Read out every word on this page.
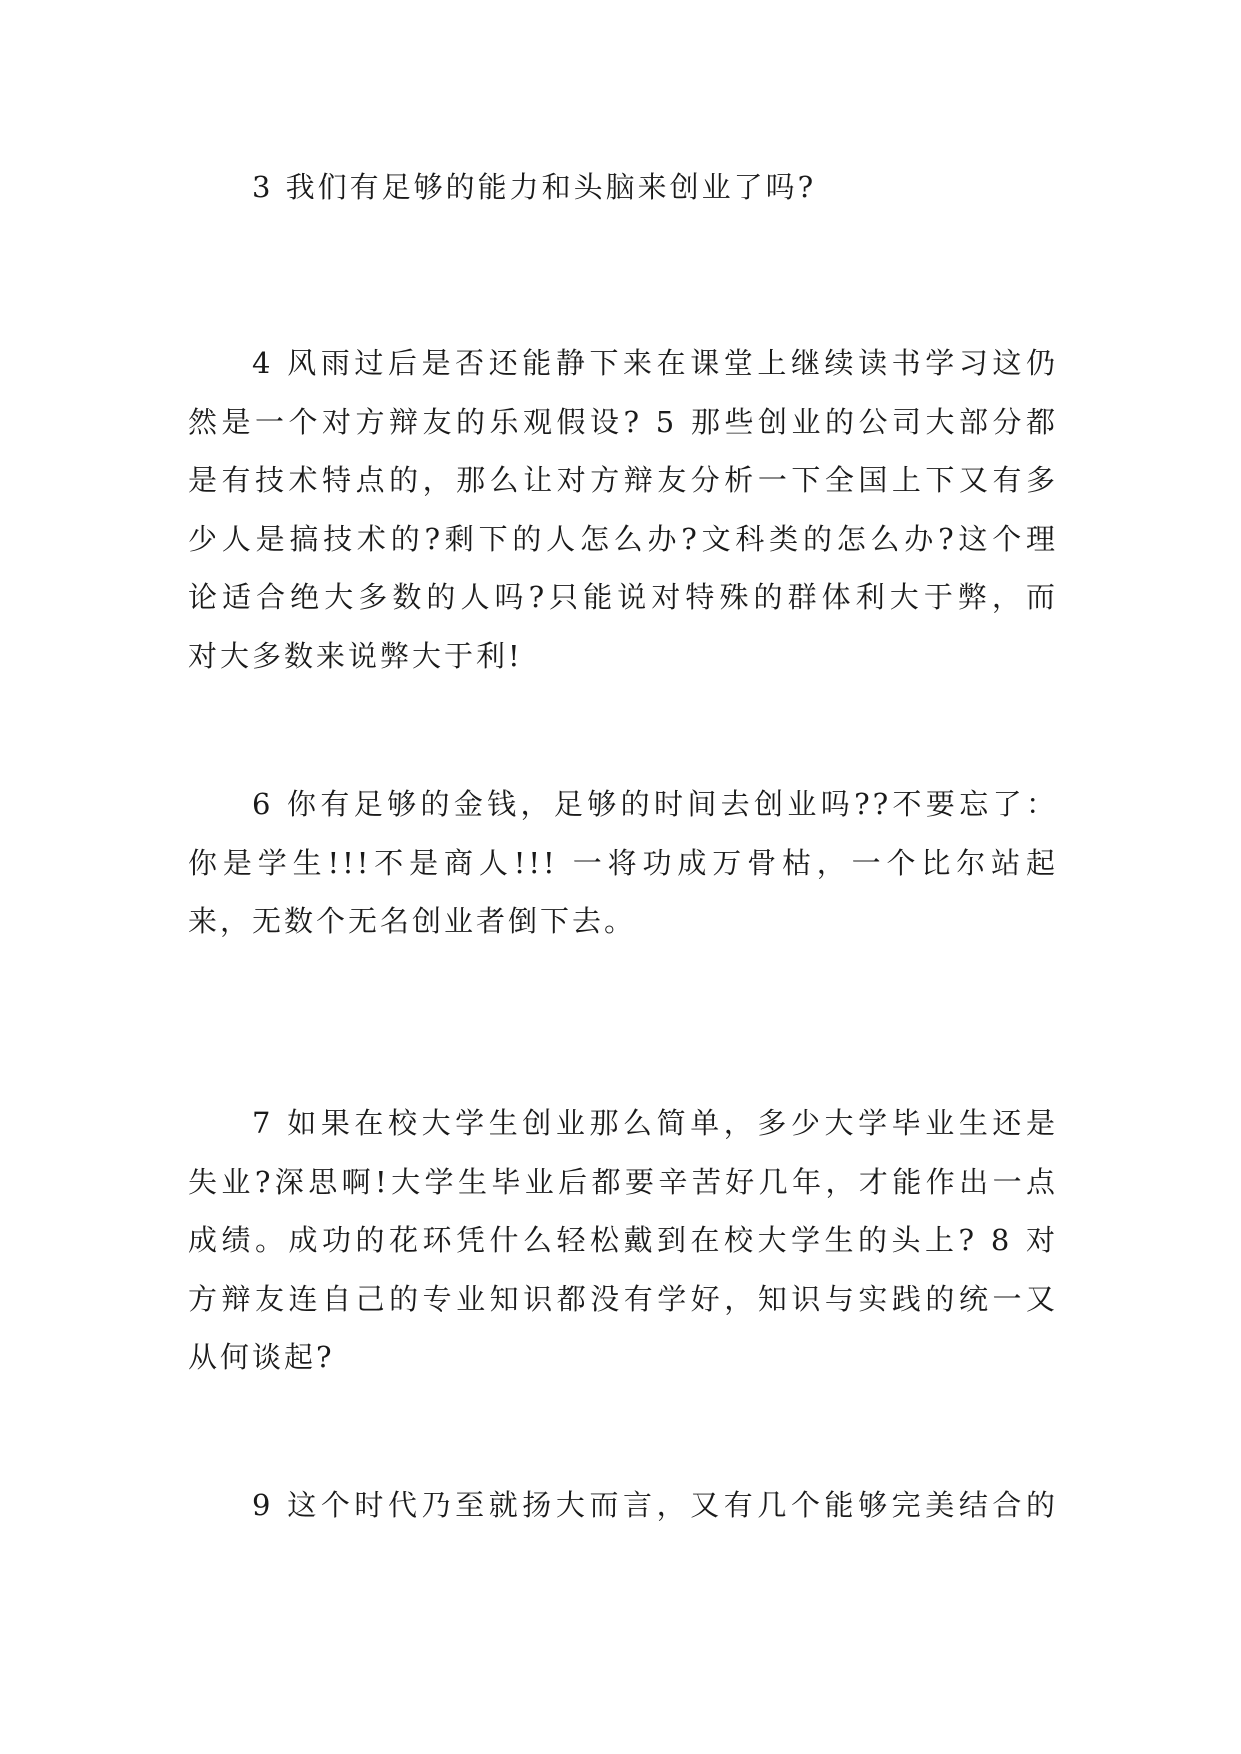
3 我们有足够的能力和头脑来创业了吗?
4 风雨过后是否还能静下来在课堂上继续读书学习这仍
然是一个对方辩友的乐观假设? 5 那些创业的公司大部分都
是有技术特点的，那么让对方辩友分析一下全国上下又有多
少人是搞技术的?剩下的人怎么办?文科类的怎么办?这个理
论适合绝大多数的人吗?只能说对特殊的群体利大于弊，而
对大多数来说弊大于利!
6 你有足够的金钱，足够的时间去创业吗??不要忘了：
你是学生!!!不是商人!!! 一将功成万骨枯，一个比尔站起
来，无数个无名创业者倒下去。
7 如果在校大学生创业那么简单，多少大学毕业生还是
失业?深思啊!大学生毕业后都要辛苦好几年，才能作出一点
成绩。成功的花环凭什么轻松戴到在校大学生的头上? 8 对
方辩友连自己的专业知识都没有学好，知识与实践的统一又
从何谈起?
9 这个时代乃至就扬大而言，又有几个能够完美结合的
